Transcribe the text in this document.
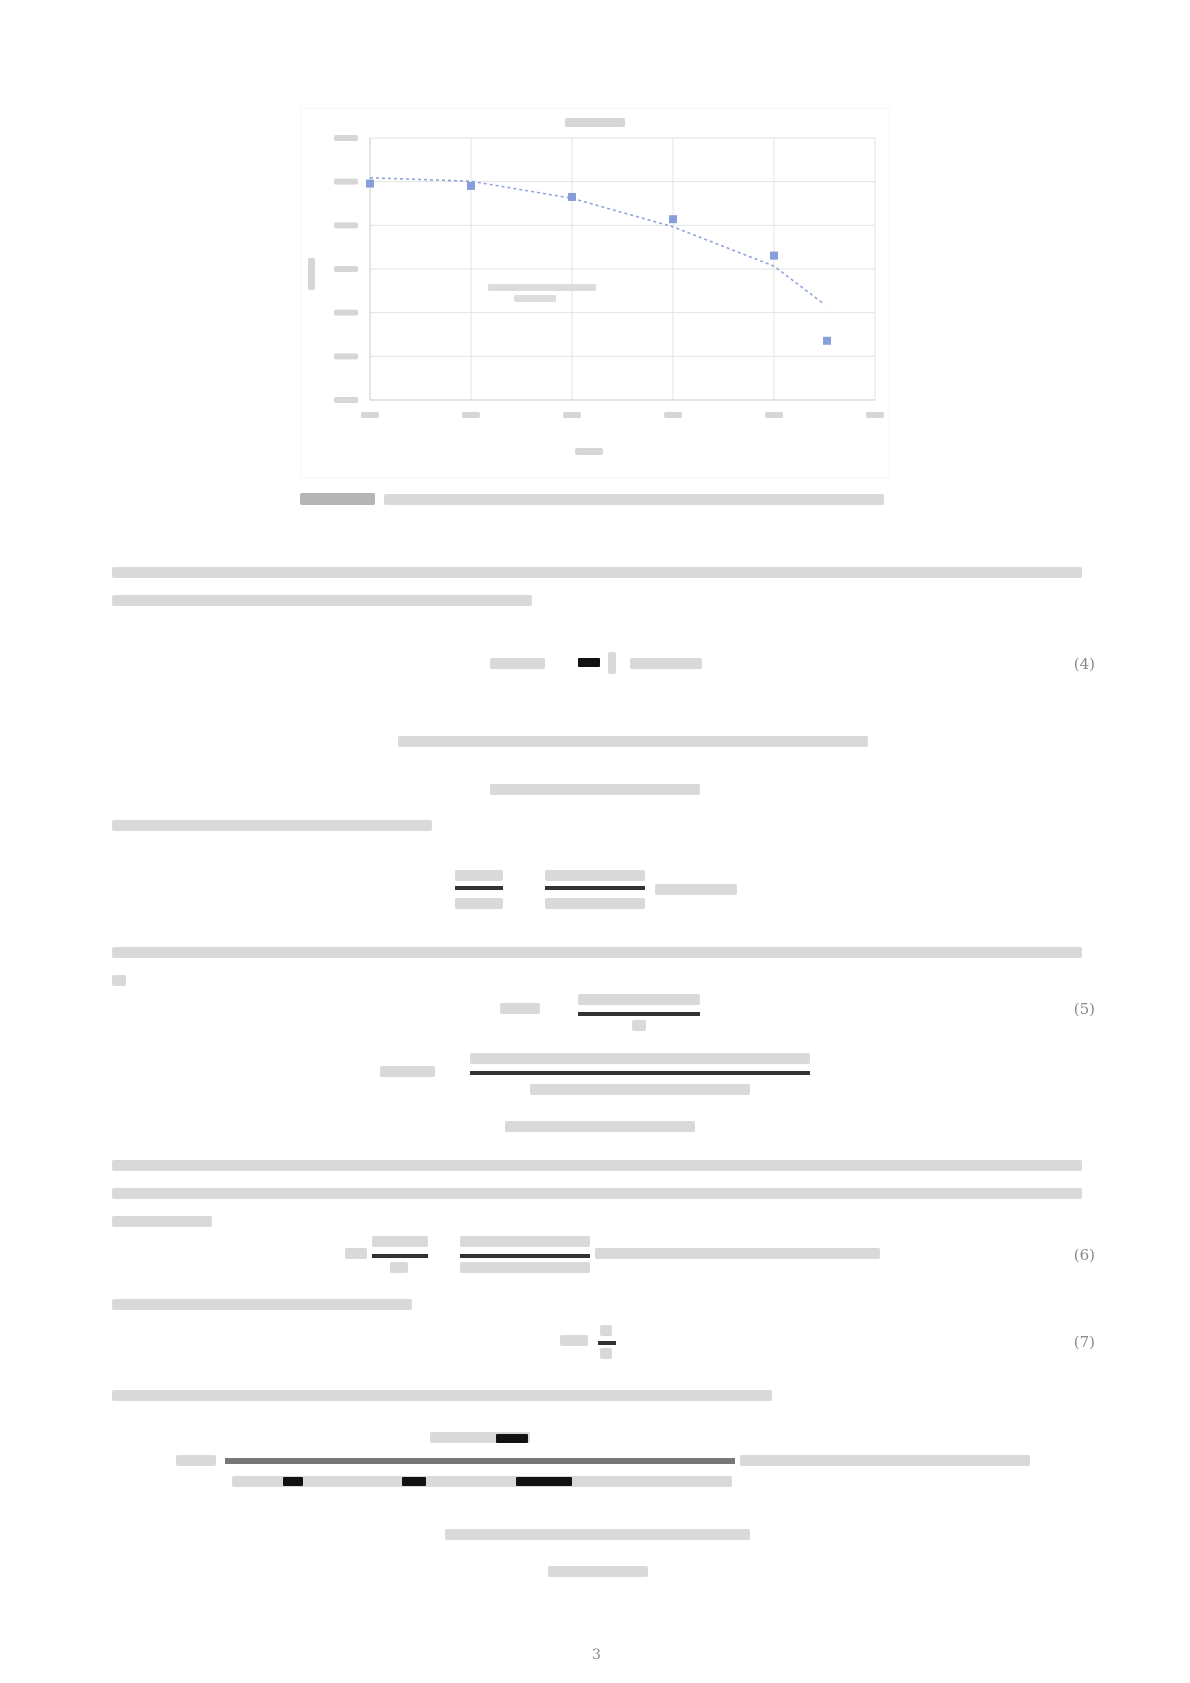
(4)
(5)
(6)
(7)
3
